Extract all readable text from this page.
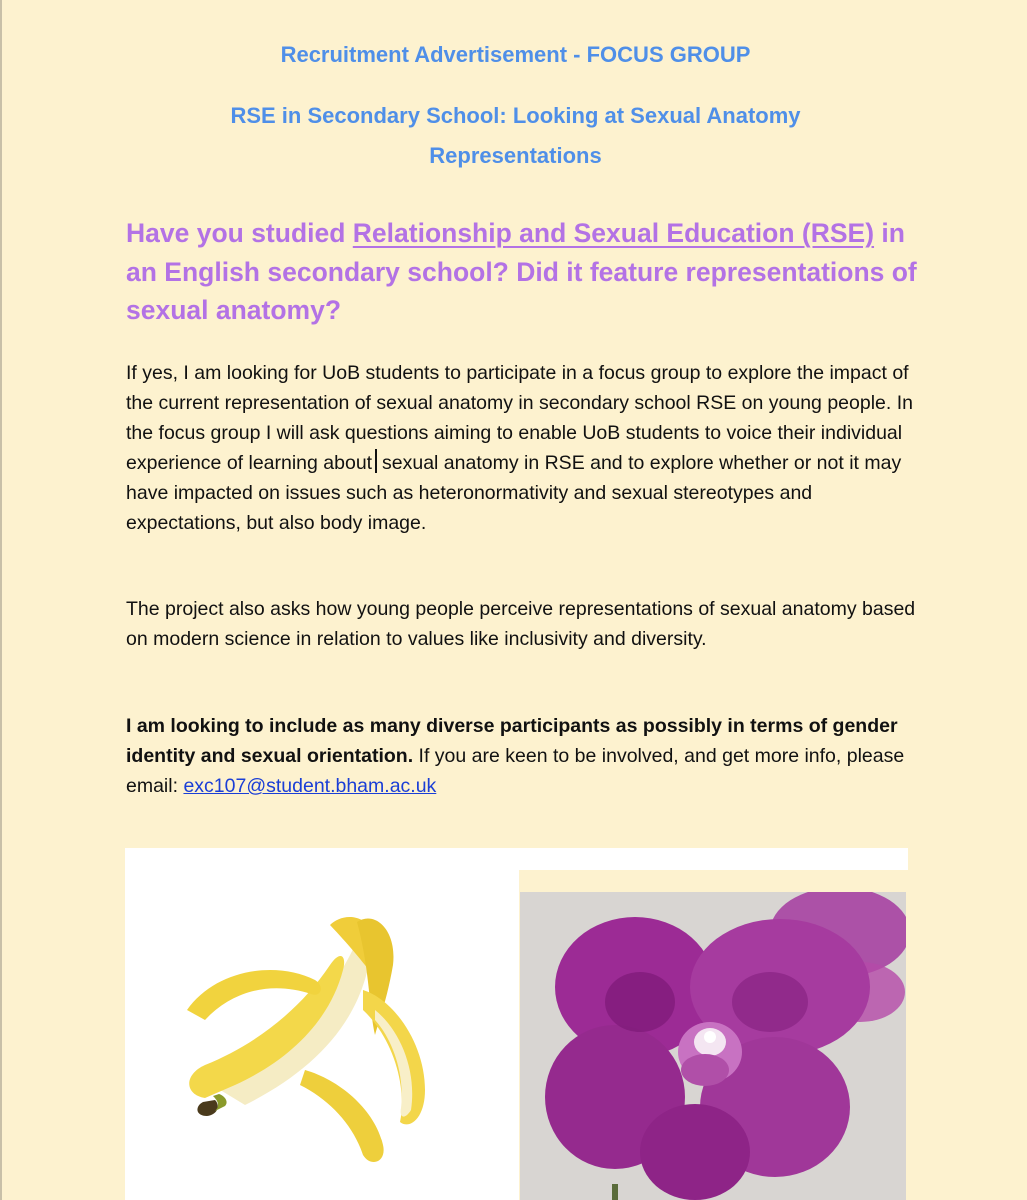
Recruitment Advertisement - FOCUS GROUP
RSE in Secondary School: Looking at Sexual Anatomy Representations
Have you studied Relationship and Sexual Education (RSE) in an English secondary school? Did it feature representations of sexual anatomy?
If yes, I am looking for UoB students to participate in a focus group to explore the impact of the current representation of sexual anatomy in secondary school RSE on young people. In the focus group I will ask questions aiming to enable UoB students to voice their individual experience of learning about sexual anatomy in RSE and to explore whether or not it may have impacted on issues such as heteronormativity and sexual stereotypes and expectations, but also body image.
The project also asks how young people perceive representations of sexual anatomy based on modern science in relation to values like inclusivity and diversity.
I am looking to include as many diverse participants as possibly in terms of gender identity and sexual orientation. If you are keen to be involved, and get more info, please email: exc107@student.bham.ac.uk
